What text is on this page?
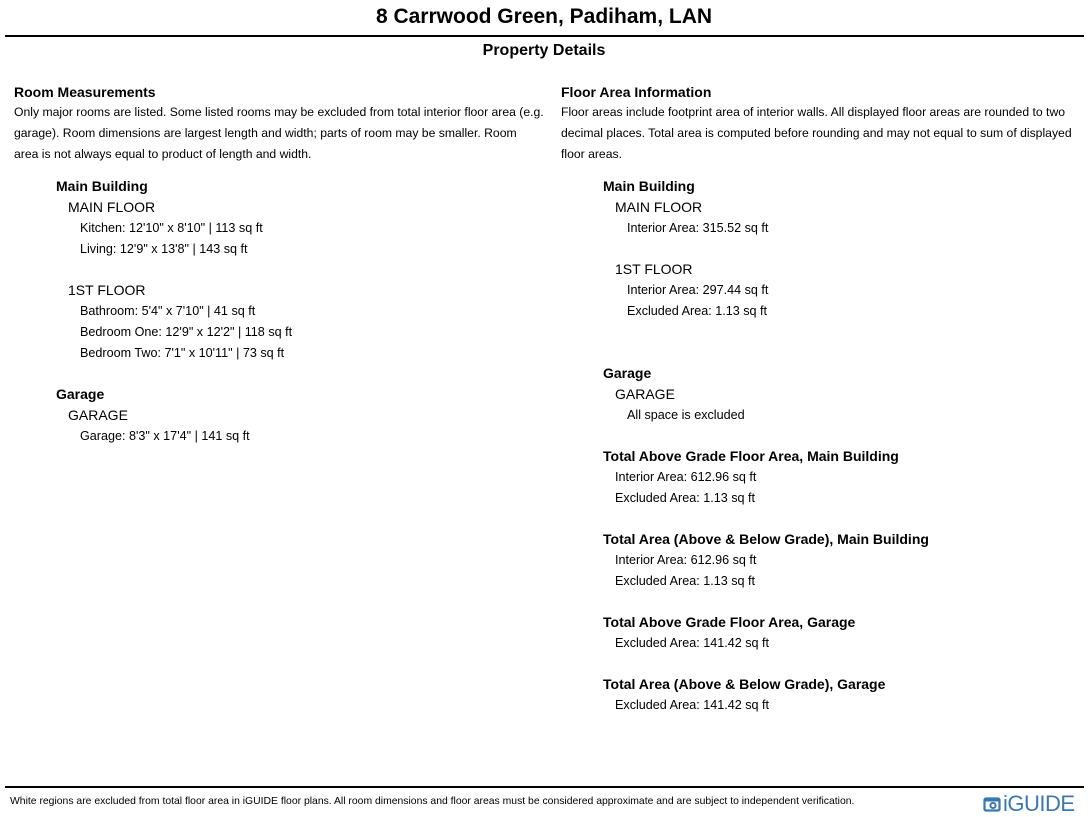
8 Carrwood Green, Padiham, LAN
Property Details
Room Measurements
Only major rooms are listed. Some listed rooms may be excluded from total interior floor area (e.g. garage). Room dimensions are largest length and width; parts of room may be smaller. Room area is not always equal to product of length and width.
Main Building
MAIN FLOOR
Kitchen: 12'10" x 8'10" | 113 sq ft
Living: 12'9" x 13'8" | 143 sq ft
1ST FLOOR
Bathroom: 5'4" x 7'10" | 41 sq ft
Bedroom One: 12'9" x 12'2" | 118 sq ft
Bedroom Two: 7'1" x 10'11" | 73 sq ft
Garage
GARAGE
Garage: 8'3" x 17'4" | 141 sq ft
Floor Area Information
Floor areas include footprint area of interior walls. All displayed floor areas are rounded to two decimal places. Total area is computed before rounding and may not equal to sum of displayed floor areas.
Main Building
MAIN FLOOR
Interior Area: 315.52 sq ft
1ST FLOOR
Interior Area: 297.44 sq ft
Excluded Area: 1.13 sq ft
Garage
GARAGE
All space is excluded
Total Above Grade Floor Area, Main Building
Interior Area: 612.96 sq ft
Excluded Area: 1.13 sq ft
Total Area (Above & Below Grade), Main Building
Interior Area: 612.96 sq ft
Excluded Area: 1.13 sq ft
Total Above Grade Floor Area, Garage
Excluded Area: 141.42 sq ft
Total Area (Above & Below Grade), Garage
Excluded Area: 141.42 sq ft
White regions are excluded from total floor area in iGUIDE floor plans. All room dimensions and floor areas must be considered approximate and are subject to independent verification.	iGUIDE
